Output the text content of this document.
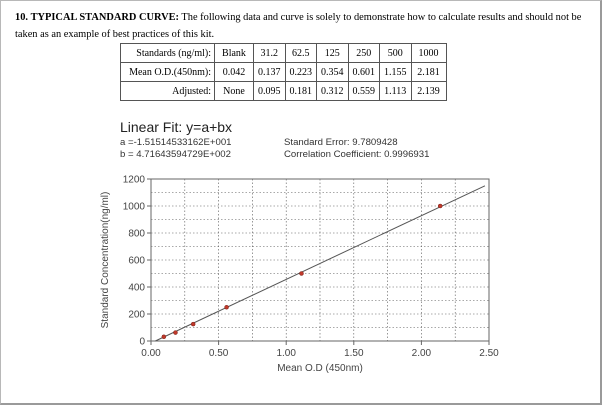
10. TYPICAL STANDARD CURVE: The following data and curve is solely to demonstrate how to calculate results and should not be
taken as an example of best practices of this kit.
Standards (ng/ml):	Blank	31.2	62.5	125	250	500	1000
Mean O.D.(450nm):	0.042	0.137	0.223	0.354	0.601	1.155	2.181
Adjusted:	None	0.095	0.181	0.312	0.559	1.113	2.139
Linear Fit: y=a+bx
a =-1.51514533162E+001
b = 4.71643594729E+002
Standard Error: 9.7809428
Correlation Coefficient: 0.9996931
0.00	0.50	1.00	1.50	2.00	2.50
0
200
400
600
800
1000
1200
Mean O.D (450nm)
Standard Concentration(ng/ml)
